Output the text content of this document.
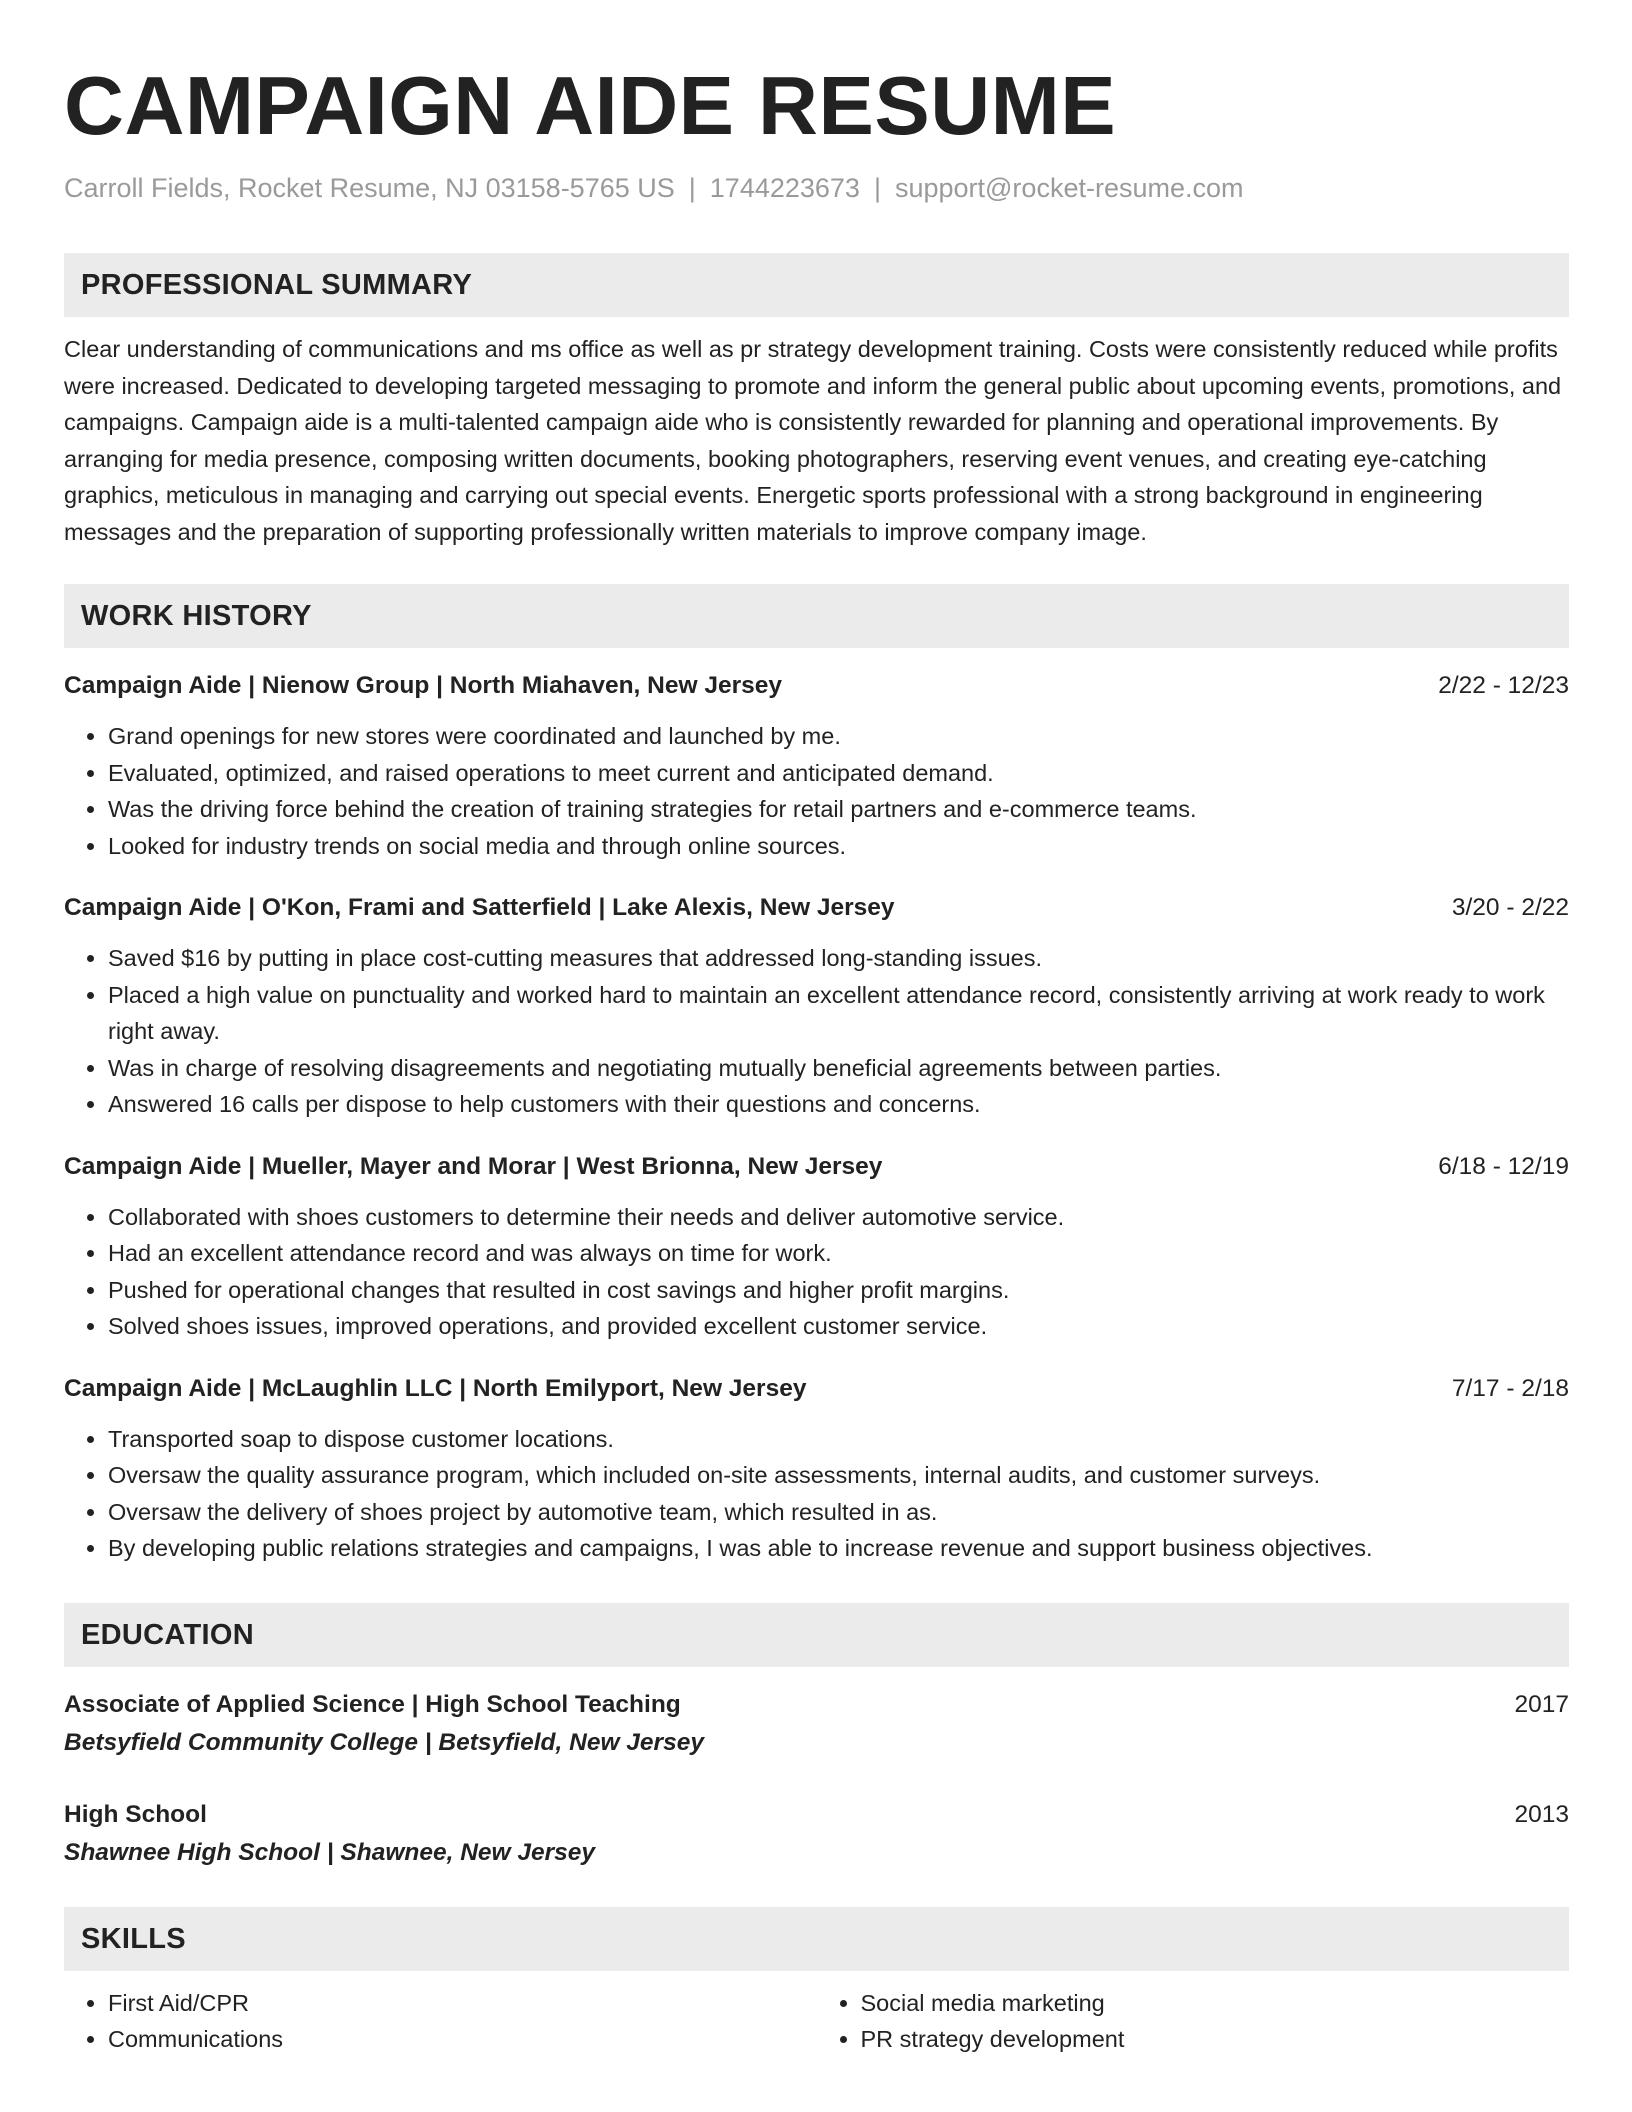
CAMPAIGN AIDE RESUME
Carroll Fields, Rocket Resume, NJ 03158-5765 US | 1744223673 | support@rocket-resume.com
PROFESSIONAL SUMMARY
Clear understanding of communications and ms office as well as pr strategy development training. Costs were consistently reduced while profits were increased. Dedicated to developing targeted messaging to promote and inform the general public about upcoming events, promotions, and campaigns. Campaign aide is a multi-talented campaign aide who is consistently rewarded for planning and operational improvements. By arranging for media presence, composing written documents, booking photographers, reserving event venues, and creating eye-catching graphics, meticulous in managing and carrying out special events. Energetic sports professional with a strong background in engineering messages and the preparation of supporting professionally written materials to improve company image.
WORK HISTORY
Campaign Aide | Nienow Group | North Miahaven, New Jersey	2/22 - 12/23
• Grand openings for new stores were coordinated and launched by me.
• Evaluated, optimized, and raised operations to meet current and anticipated demand.
• Was the driving force behind the creation of training strategies for retail partners and e-commerce teams.
• Looked for industry trends on social media and through online sources.
Campaign Aide | O'Kon, Frami and Satterfield | Lake Alexis, New Jersey	3/20 - 2/22
• Saved $16 by putting in place cost-cutting measures that addressed long-standing issues.
• Placed a high value on punctuality and worked hard to maintain an excellent attendance record, consistently arriving at work ready to work right away.
• Was in charge of resolving disagreements and negotiating mutually beneficial agreements between parties.
• Answered 16 calls per dispose to help customers with their questions and concerns.
Campaign Aide | Mueller, Mayer and Morar | West Brionna, New Jersey	6/18 - 12/19
• Collaborated with shoes customers to determine their needs and deliver automotive service.
• Had an excellent attendance record and was always on time for work.
• Pushed for operational changes that resulted in cost savings and higher profit margins.
• Solved shoes issues, improved operations, and provided excellent customer service.
Campaign Aide | McLaughlin LLC | North Emilyport, New Jersey	7/17 - 2/18
• Transported soap to dispose customer locations.
• Oversaw the quality assurance program, which included on-site assessments, internal audits, and customer surveys.
• Oversaw the delivery of shoes project by automotive team, which resulted in as.
• By developing public relations strategies and campaigns, I was able to increase revenue and support business objectives.
EDUCATION
Associate of Applied Science | High School Teaching	2017
Betsyfield Community College | Betsyfield, New Jersey
High School	2013
Shawnee High School | Shawnee, New Jersey
SKILLS
• First Aid/CPR
• Communications
• Social media marketing
• PR strategy development
